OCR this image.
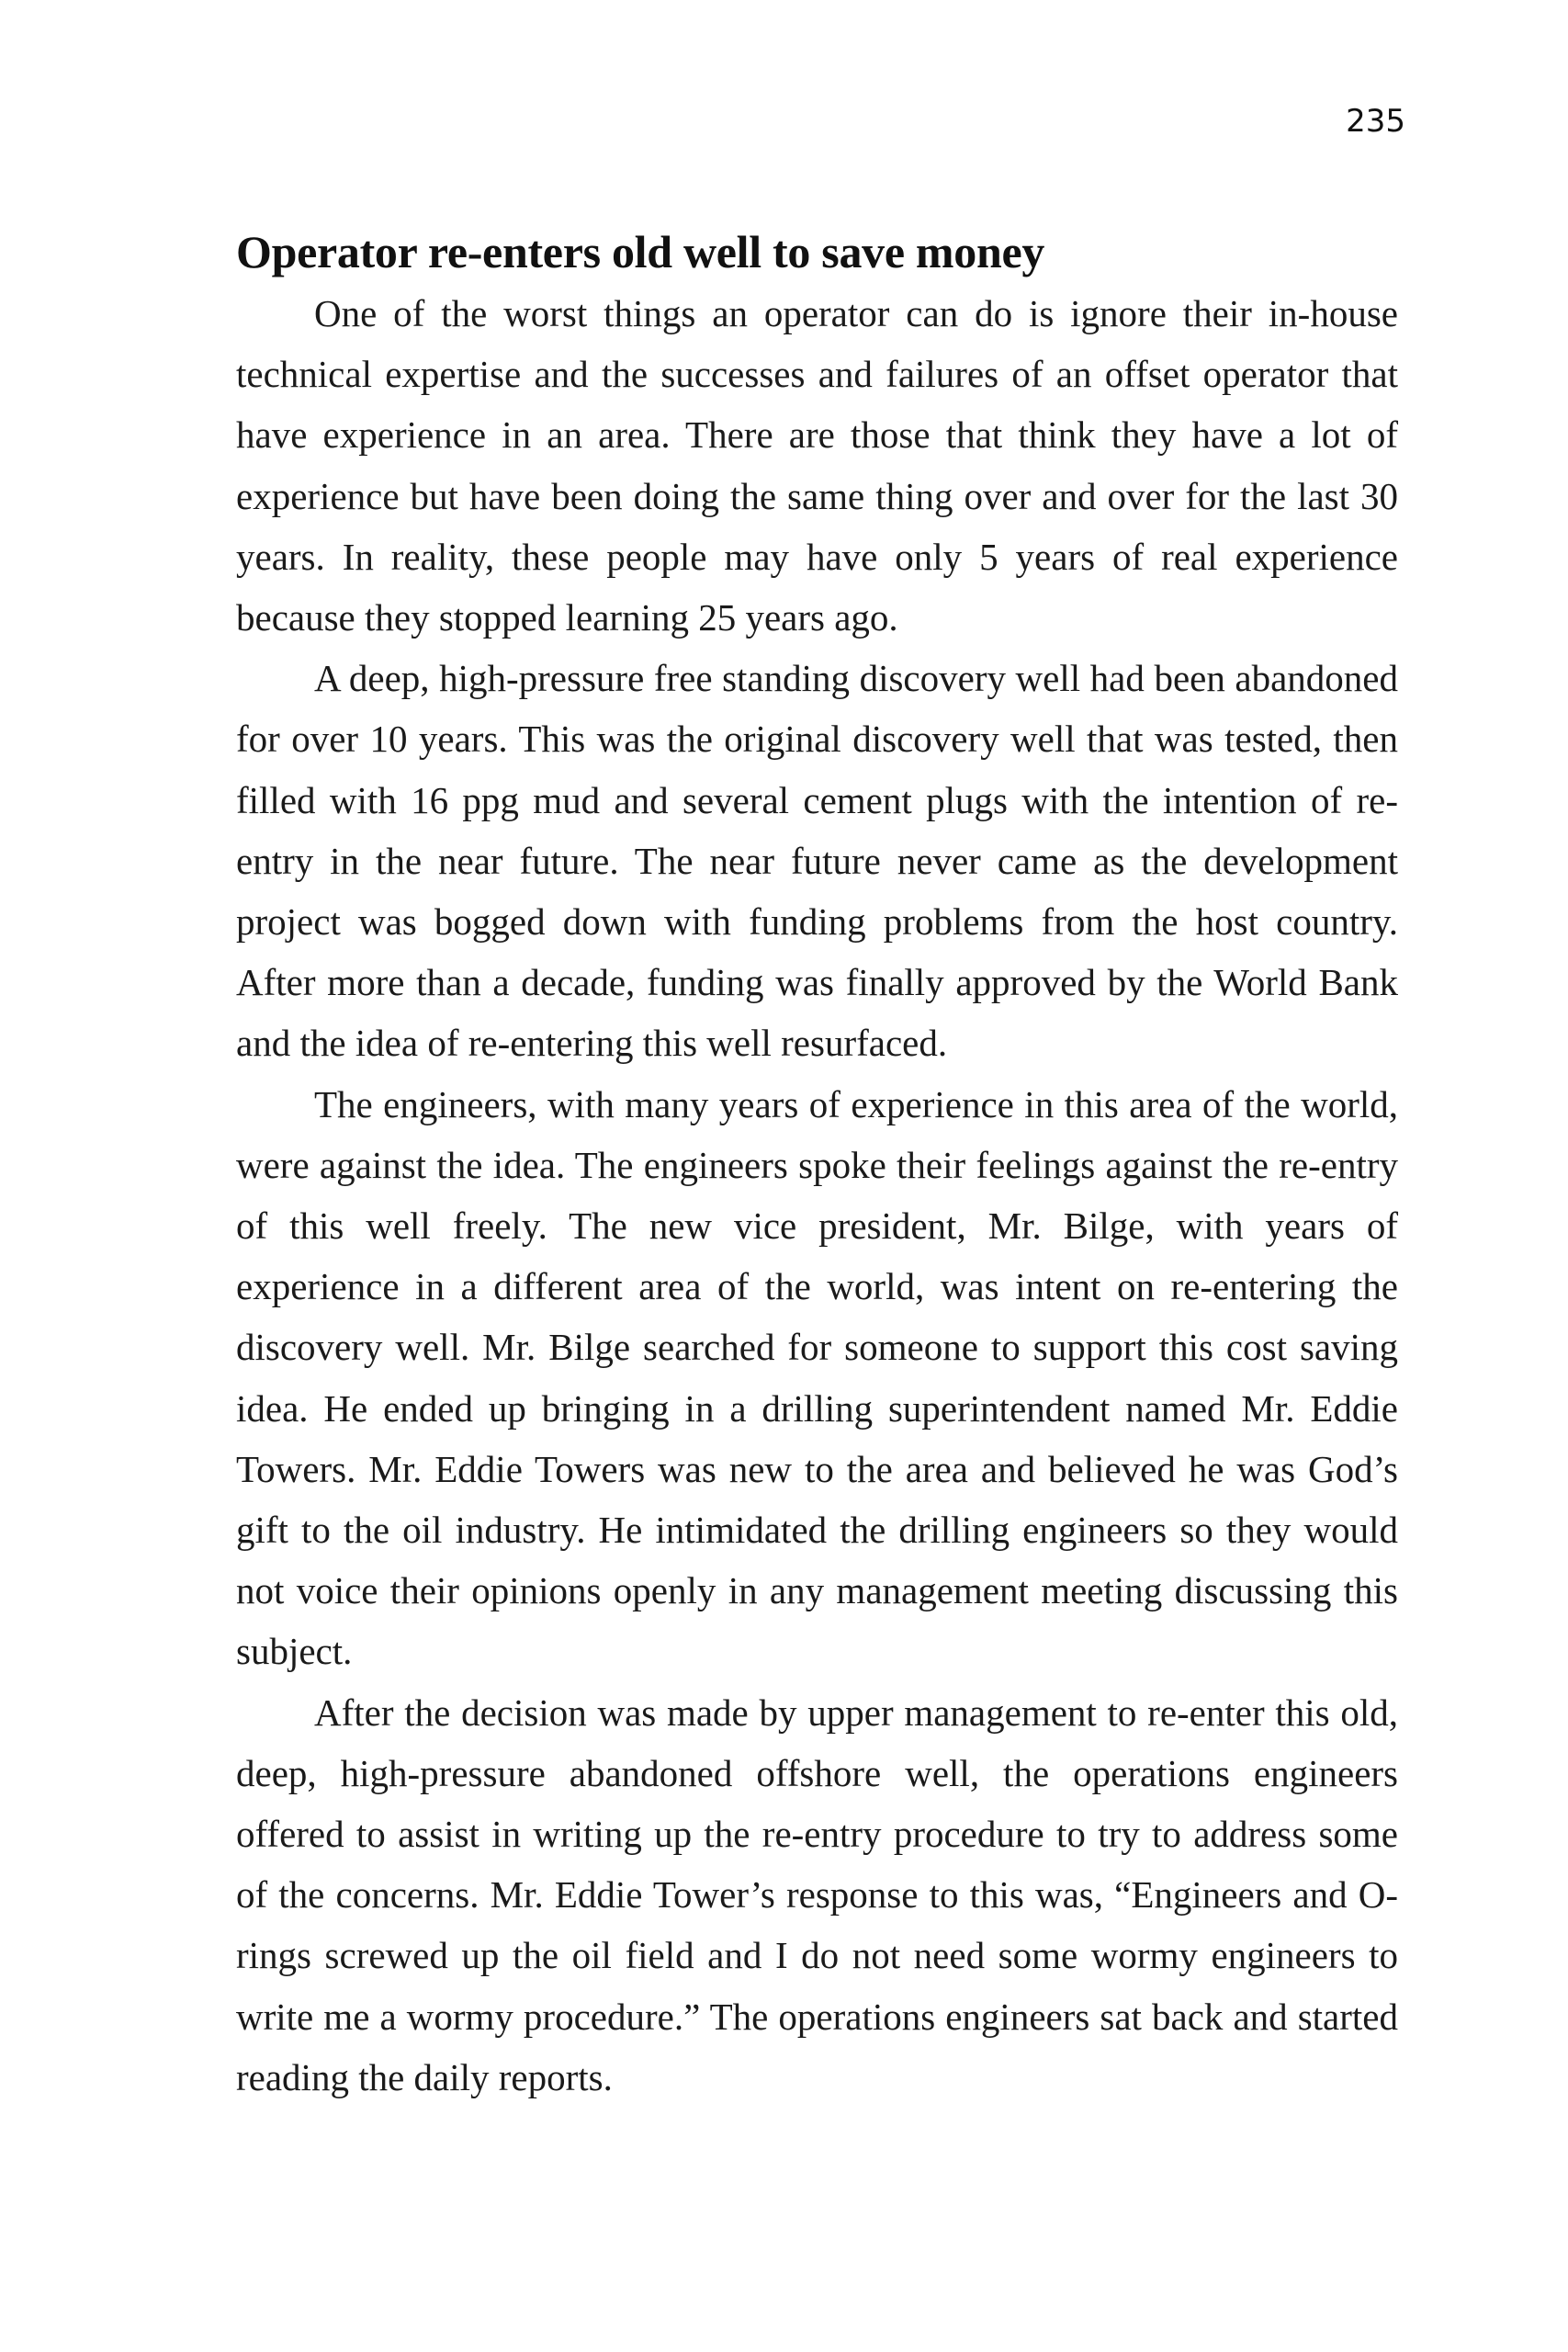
235
Operator re-enters old well to save money

One of the worst things an operator can do is ignore their in-house technical expertise and the successes and failures of an offset operator that have experience in an area. There are those that think they have a lot of experience but have been doing the same thing over and over for the last 30 years. In reality, these people may have only 5 years of real experience because they stopped learning 25 years ago.

A deep, high-pressure free standing discovery well had been abandoned for over 10 years. This was the original discovery well that was tested, then filled with 16 ppg mud and several cement plugs with the intention of re-entry in the near future. The near future never came as the development project was bogged down with funding problems from the host country. After more than a decade, funding was finally approved by the World Bank and the idea of re-entering this well resurfaced.

The engineers, with many years of experience in this area of the world, were against the idea. The engineers spoke their feelings against the re-entry of this well freely. The new vice president, Mr. Bilge, with years of experience in a different area of the world, was intent on re-entering the discovery well. Mr. Bilge searched for someone to support this cost saving idea. He ended up bringing in a drilling superintendent named Mr. Eddie Towers. Mr. Eddie Towers was new to the area and believed he was God’s gift to the oil industry. He intimidated the drilling engineers so they would not voice their opinions openly in any management meeting discussing this subject.

After the decision was made by upper management to re-enter this old, deep, high-pressure abandoned offshore well, the operations engineers offered to assist in writing up the re-entry procedure to try to address some of the concerns. Mr. Eddie Tower’s response to this was, “Engineers and O-rings screwed up the oil field and I do not need some wormy engineers to write me a wormy procedure.” The operations engineers sat back and started reading the daily reports.
